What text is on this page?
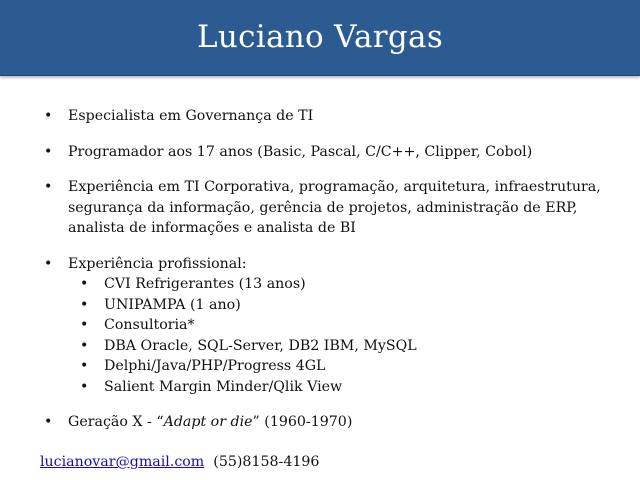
Luciano Vargas
• Especialista em Governança de TI
• Programador aos 17 anos (Basic, Pascal, C/C++, Clipper, Cobol)
• Experiência em TI Corporativa, programação, arquitetura, infraestrutura,
segurança da informação, gerência de projetos, administração de ERP,
analista de informações e analista de BI
• Experiência profissional:
• CVI Refrigerantes (13 anos)
• UNIPAMPA (1 ano)
• Consultoria*
• DBA Oracle, SQL-Server, DB2 IBM, MySQL
• Delphi/Java/PHP/Progress 4GL
• Salient Margin Minder/Qlik View
• Geração X - “Adapt or die” (1960-1970)
lucianovar@gmail.com (55)8158-4196
